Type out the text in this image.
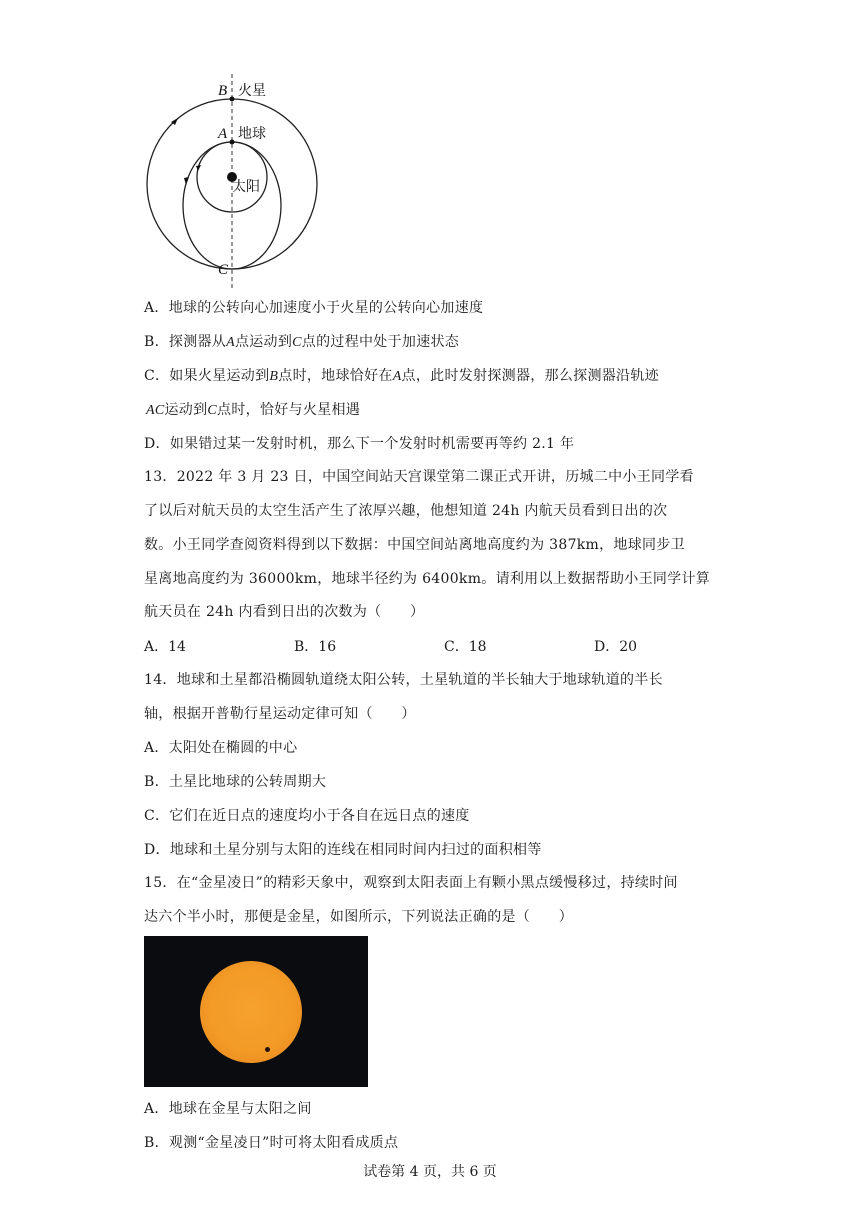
B 火星
A 地球
太阳
C
A．地球的公转向心加速度小于火星的公转向心加速度
B．探测器从A点运动到C点的过程中处于加速状态
C．如果火星运动到B点时，地球恰好在A点，此时发射探测器，那么探测器沿轨迹
AC运动到C点时，恰好与火星相遇
D．如果错过某一发射时机，那么下一个发射时机需要再等约 2.1 年
13．2022 年 3 月 23 日，中国空间站天宫课堂第二课正式开讲，历城二中小王同学看
了以后对航天员的太空生活产生了浓厚兴趣，他想知道 24h 内航天员看到日出的次
数。小王同学查阅资料得到以下数据：中国空间站离地高度约为 387km，地球同步卫
星离地高度约为 36000km，地球半径约为 6400km。请利用以上数据帮助小王同学计算
航天员在 24h 内看到日出的次数为（　　）
A．14	B．16	C．18	D．20
14．地球和土星都沿椭圆轨道绕太阳公转，土星轨道的半长轴大于地球轨道的半长
轴，根据开普勒行星运动定律可知（　　）
A．太阳处在椭圆的中心
B．土星比地球的公转周期大
C．它们在近日点的速度均小于各自在远日点的速度
D．地球和土星分别与太阳的连线在相同时间内扫过的面积相等
15．在“金星凌日”的精彩天象中，观察到太阳表面上有颗小黑点缓慢移过，持续时间
达六个半小时，那便是金星，如图所示，下列说法正确的是（　　）
A．地球在金星与太阳之间
B．观测“金星凌日”时可将太阳看成质点
试卷第 4 页，共 6 页
